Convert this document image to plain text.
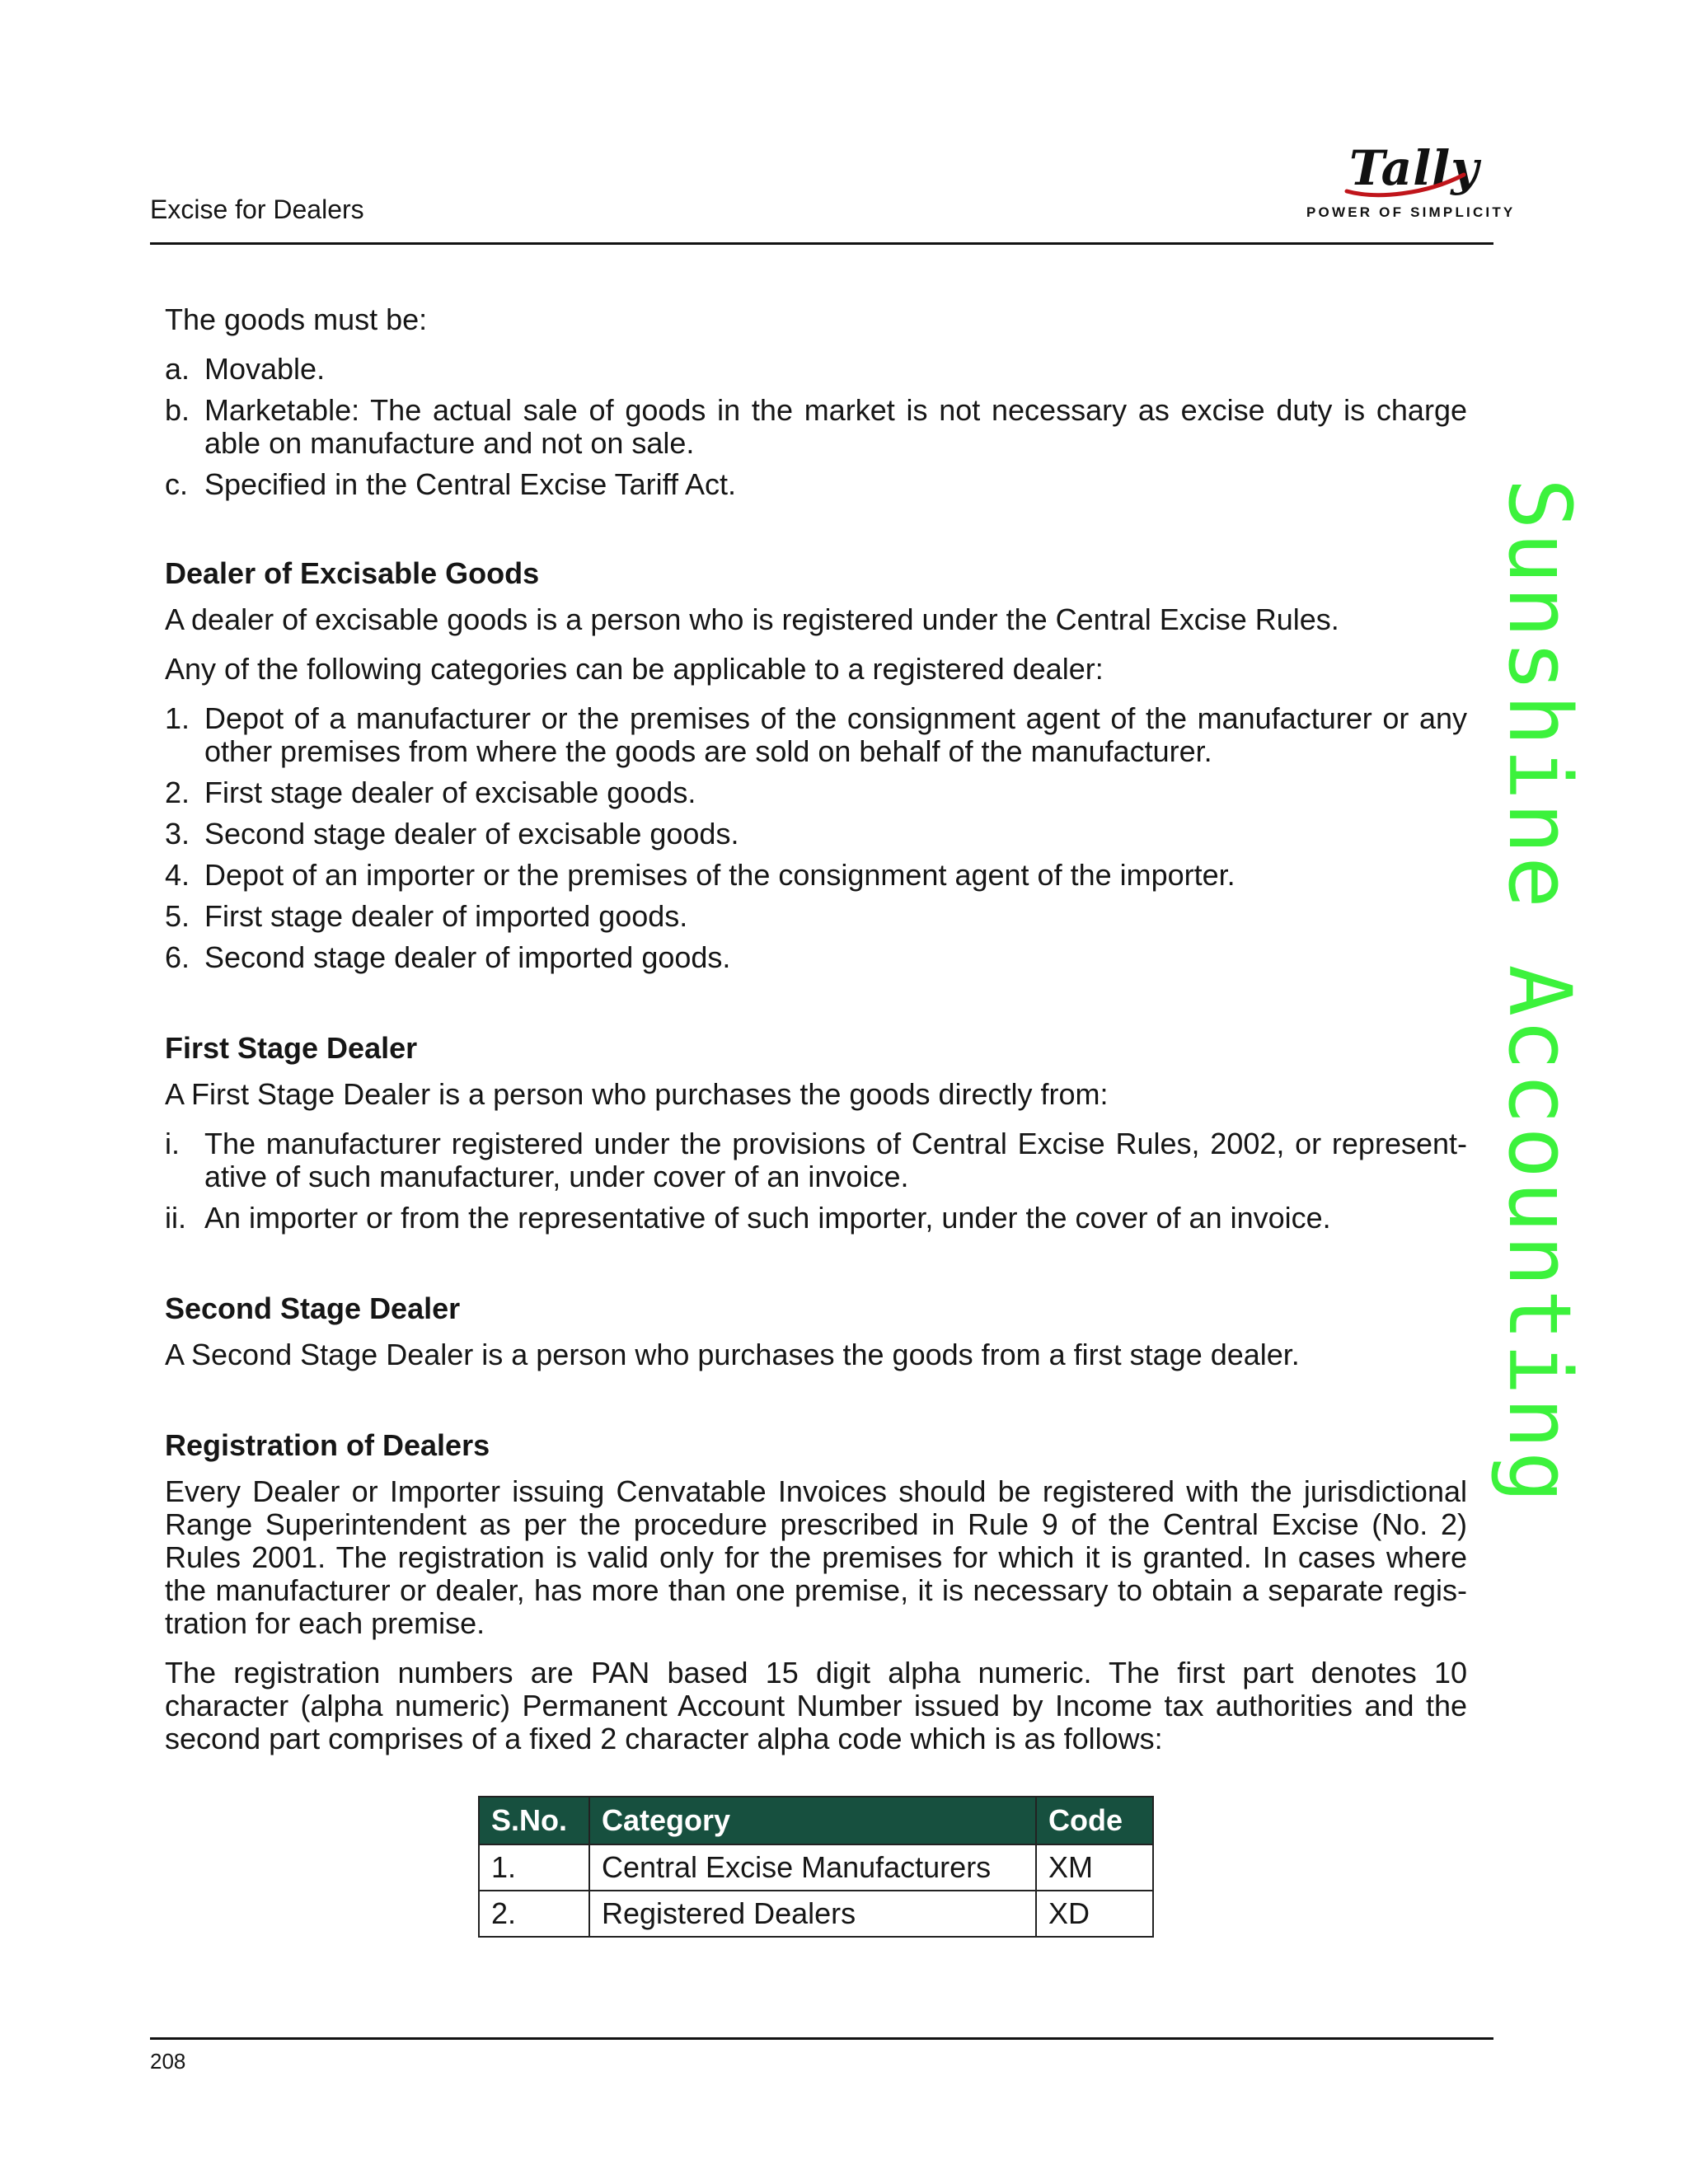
Excise for Dealers
Tally
POWER OF SIMPLICITY
Sunshine Accounting

The goods must be:

a. Movable.
b. Marketable: The actual sale of goods in the market is not necessary as excise duty is charge able on manufacture and not on sale.
c. Specified in the Central Excise Tariff Act.

Dealer of Excisable Goods

A dealer of excisable goods is a person who is registered under the Central Excise Rules.

Any of the following categories can be applicable to a registered dealer:

1. Depot of a manufacturer or the premises of the consignment agent of the manufacturer or any other premises from where the goods are sold on behalf of the manufacturer.
2. First stage dealer of excisable goods.
3. Second stage dealer of excisable goods.
4. Depot of an importer or the premises of the consignment agent of the importer.
5. First stage dealer of imported goods.
6. Second stage dealer of imported goods.

First Stage Dealer

A First Stage Dealer is a person who purchases the goods directly from:

i. The manufacturer registered under the provisions of Central Excise Rules, 2002, or represent- ative of such manufacturer, under cover of an invoice.
ii. An importer or from the representative of such importer, under the cover of an invoice.

Second Stage Dealer

A Second Stage Dealer is a person who purchases the goods from a first stage dealer.

Registration of Dealers

Every Dealer or Importer issuing Cenvatable Invoices should be registered with the jurisdictional Range Superintendent as per the procedure prescribed in Rule 9 of the Central Excise (No. 2) Rules 2001. The registration is valid only for the premises for which it is granted. In cases where the manufacturer or dealer, has more than one premise, it is necessary to obtain a separate regis- tration for each premise.

The registration numbers are PAN based 15 digit alpha numeric. The first part denotes 10 character (alpha numeric) Permanent Account Number issued by Income tax authorities and the second part comprises of a fixed 2 character alpha code which is as follows:

S.No.	Category	Code
1.	Central Excise Manufacturers	XM
2.	Registered Dealers	XD
208
